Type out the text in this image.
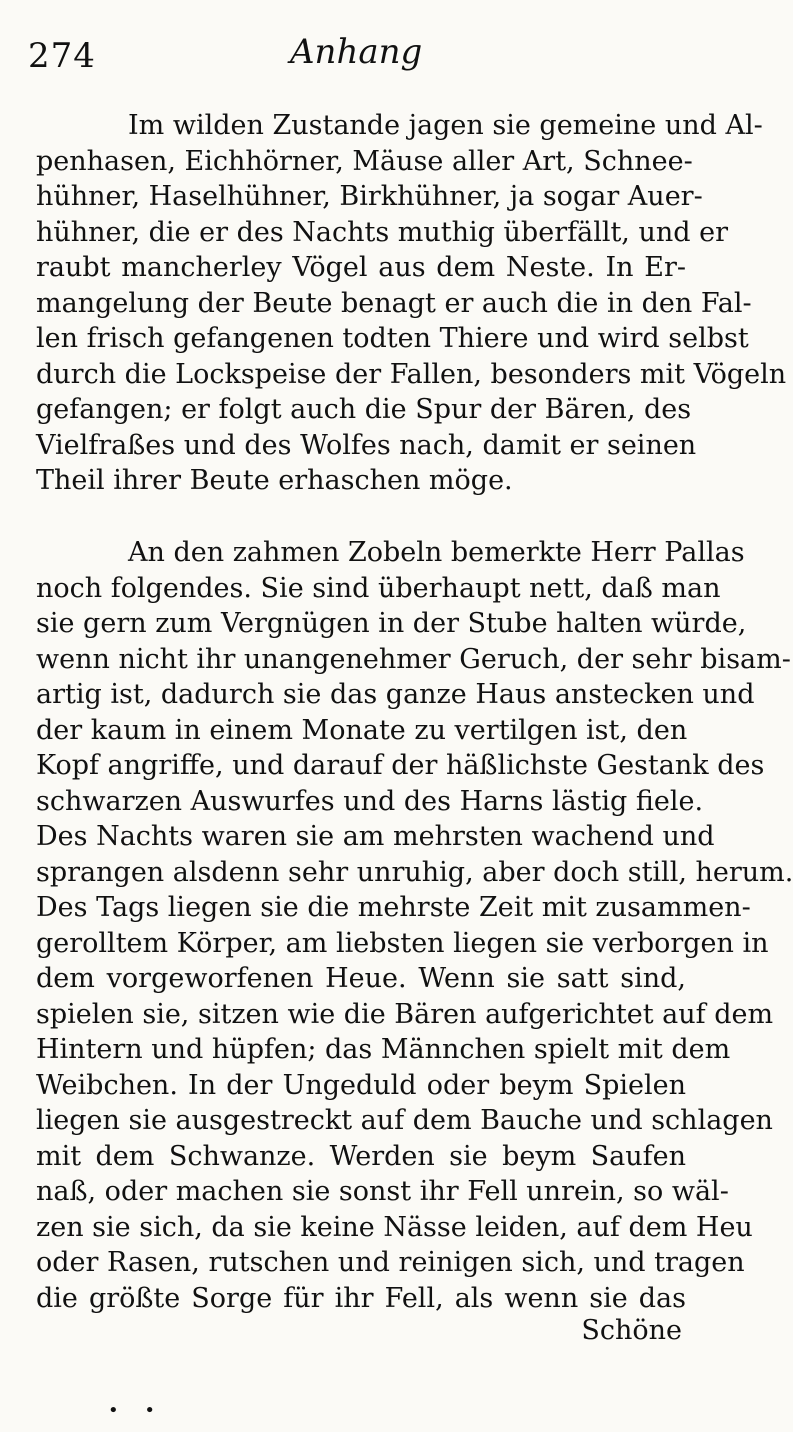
274	Anhang
Im wilden Zustande jagen sie gemeine und Al-
penhasen, Eichhörner, Mäuse aller Art, Schnee-
hühner, Haselhühner, Birkhühner, ja sogar Auer-
hühner, die er des Nachts muthig überfällt, und er
raubt mancherley Vögel aus dem Neste. In Er-
mangelung der Beute benagt er auch die in den Fal-
len frisch gefangenen todten Thiere und wird selbst
durch die Lockspeise der Fallen, besonders mit Vögeln
gefangen; er folgt auch die Spur der Bären, des
Vielfraßes und des Wolfes nach, damit er seinen
Theil ihrer Beute erhaschen möge.
An den zahmen Zobeln bemerkte Herr Pallas
noch folgendes. Sie sind überhaupt nett, daß man
sie gern zum Vergnügen in der Stube halten würde,
wenn nicht ihr unangenehmer Geruch, der sehr bisam-
artig ist, dadurch sie das ganze Haus anstecken und
der kaum in einem Monate zu vertilgen ist, den
Kopf angriffe, und darauf der häßlichste Gestank des
schwarzen Auswurfes und des Harns lästig fiele.
Des Nachts waren sie am mehrsten wachend und
sprangen alsdenn sehr unruhig, aber doch still, herum.
Des Tags liegen sie die mehrste Zeit mit zusammen-
gerolltem Körper, am liebsten liegen sie verborgen in
dem vorgeworfenen Heue. Wenn sie satt sind,
spielen sie, sitzen wie die Bären aufgerichtet auf dem
Hintern und hüpfen; das Männchen spielt mit dem
Weibchen. In der Ungeduld oder beym Spielen
liegen sie ausgestreckt auf dem Bauche und schlagen
mit dem Schwanze. Werden sie beym Saufen
naß, oder machen sie sonst ihr Fell unrein, so wäl-
zen sie sich, da sie keine Nässe leiden, auf dem Heu
oder Rasen, rutschen und reinigen sich, und tragen
die größte Sorge für ihr Fell, als wenn sie das
Schöne
• •
